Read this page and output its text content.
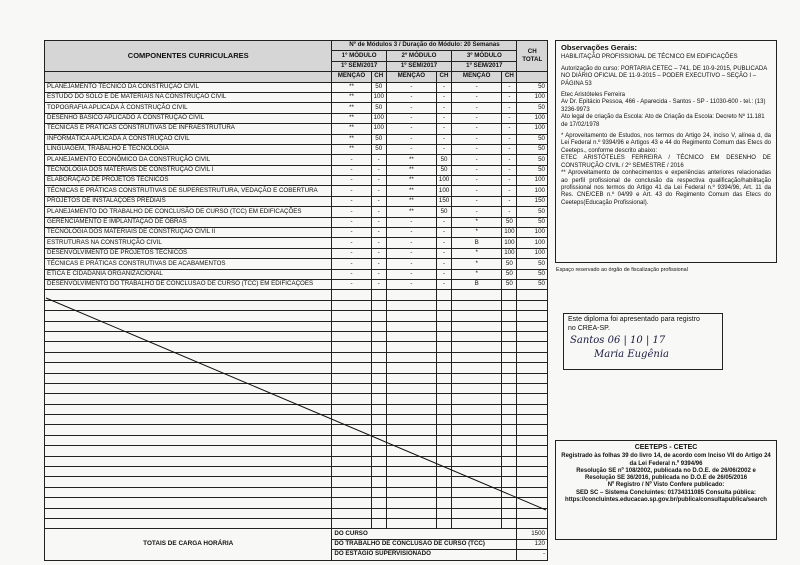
COMPONENTES CURRICULARES	Nº de Módulos 3 / Duração do Módulo: 20 Semanas						CH TOTAL
	1º MÓDULO		2º MÓDULO		3º MÓDULO		
	1º SEM/2017		1º SEM/2017		1º SEM/2017		
	MENÇÃO	CH	MENÇÃO	CH	MENÇÃO	CH	
PLANEJAMENTO TÉCNICO DA CONSTRUÇÃO CIVIL	**	50	-	-	-	-	50
ESTUDO DO SOLO E DE MATERIAIS NA CONSTRUÇÃO CIVIL	**	100	-	-	-	-	100
TOPOGRAFIA APLICADA À CONSTRUÇÃO CIVIL	**	50	-	-	-	-	50
DESENHO BÁSICO APLICADO À CONSTRUÇÃO CIVIL	**	100	-	-	-	-	100
TÉCNICAS E PRÁTICAS CONSTRUTIVAS DE INFRAESTRUTURA	**	100	-	-	-	-	100
INFORMÁTICA APLICADA À CONSTRUÇÃO CIVIL	**	50	-	-	-	-	50
LINGUAGEM, TRABALHO E TECNOLOGIA	**	50	-	-	-	-	50
PLANEJAMENTO ECONÔMICO DA CONSTRUÇÃO CIVIL	-	-	**	50	-	-	50
TECNOLOGIA DOS MATERIAIS DE CONSTRUÇÃO CIVIL I	-	-	**	50	-	-	50
ELABORAÇÃO DE PROJETOS TÉCNICOS	-	-	**	100	-	-	100
TÉCNICAS E PRÁTICAS CONSTRUTIVAS DE SUPERESTRUTURA, VEDAÇÃO E COBERTURA	-	-	**	100	-	-	100
PROJETOS DE INSTALAÇÕES PREDIAIS	-	-	**	150	-	-	150
PLANEJAMENTO DO TRABALHO DE CONCLUSÃO DE CURSO (TCC) EM EDIFICAÇÕES	-	-	**	50	-	-	50
GERENCIAMENTO E IMPLANTAÇÃO DE OBRAS	-	-	-	-	*	50	50
TECNOLOGIA DOS MATERIAIS DE CONSTRUÇÃO CIVIL II	-	-	-	-	*	100	100
ESTRUTURAS NA CONSTRUÇÃO CIVIL	-	-	-	-	B	100	100
DESENVOLVIMENTO DE PROJETOS TÉCNICOS	-	-	-	-	*	100	100
TÉCNICAS E PRÁTICAS CONSTRUTIVAS DE ACABAMENTOS	-	-	-	-	*	50	50
ÉTICA E CIDADANIA ORGANIZACIONAL	-	-	-	-	*	50	50
DESENVOLVIMENTO DO TRABALHO DE CONCLUSÃO DE CURSO (TCC) EM EDIFICAÇÕES	-	-	-	-	B	50	50

TOTAIS DE CARGA HORÁRIA	DO CURSO						1500
	DO TRABALHO DE CONCLUSÃO DE CURSO (TCC)						120
	DO ESTÁGIO SUPERVISIONADO						-
Observações Gerais:

HABILITAÇÃO PROFISSIONAL DE TÉCNICO EM EDIFICAÇÕES

Autorização do curso: PORTARIA CETEC – 741, DE 10-9-2015, PUBLICADA NO DIÁRIO OFICIAL DE 11-9-2015 – PODER EXECUTIVO – SEÇÃO I – PÁGINA 53

Etec Aristóteles Ferreira

Av Dr. Epitácio Pessoa, 466 - Aparecida - Santos - SP - 11030-600 - tel.: (13) 3236-9973

Ato legal de criação da Escola: Ato de Criação da Escola: Decreto Nº 11.181 de 17/02/1978

* Aproveitamento de Estudos, nos termos do Artigo 24, inciso V, alínea d, da Lei Federal n.º 9394/96 e Artigos 43 e 44 do Regimento Comum das Etecs do Ceeteps., conforme descrito abaixo:

ETEC ARISTÓTELES FERREIRA / TÉCNICO EM DESENHO DE CONSTRUÇÃO CIVIL / 2º SEMESTRE / 2016

** Aproveitamento de conhecimentos e experiências anteriores relacionadas ao perfil profissional de conclusão da respectiva qualificação/habilitação profissional nos termos do Artigo 41 da Lei Federal n.º 9394/96, Art. 11 da Res. CNE/CEB n.º 04/99 e Art. 43 do Regimento Comum das Etecs do Ceeteps(Educação Profissional).

Espaço reservado ao órgão de fiscalização profissional
Este diploma foi apresentado para registro
no CREA-SP.
Santos 06 | 10 | 17
Maria Eugênia
CEETEPS - CETEC
Registrado às folhas 39 do livro 14, de acordo com Inciso VII do Artigo 24 da Lei Federal n.º 9394/96
Resolução SE nº 108/2002, publicada no D.O.E. de 26/06/2002 e
Resolução SE 36/2016, publicada no D.O.E de 26/05/2016
Nº Registro / Nº Visto Confere publicado:
SED SC – Sistema Concluintes: 01734311085 Consulta pública:
https://concluintes.educacao.sp.gov.br/publica/consultapublica/search
